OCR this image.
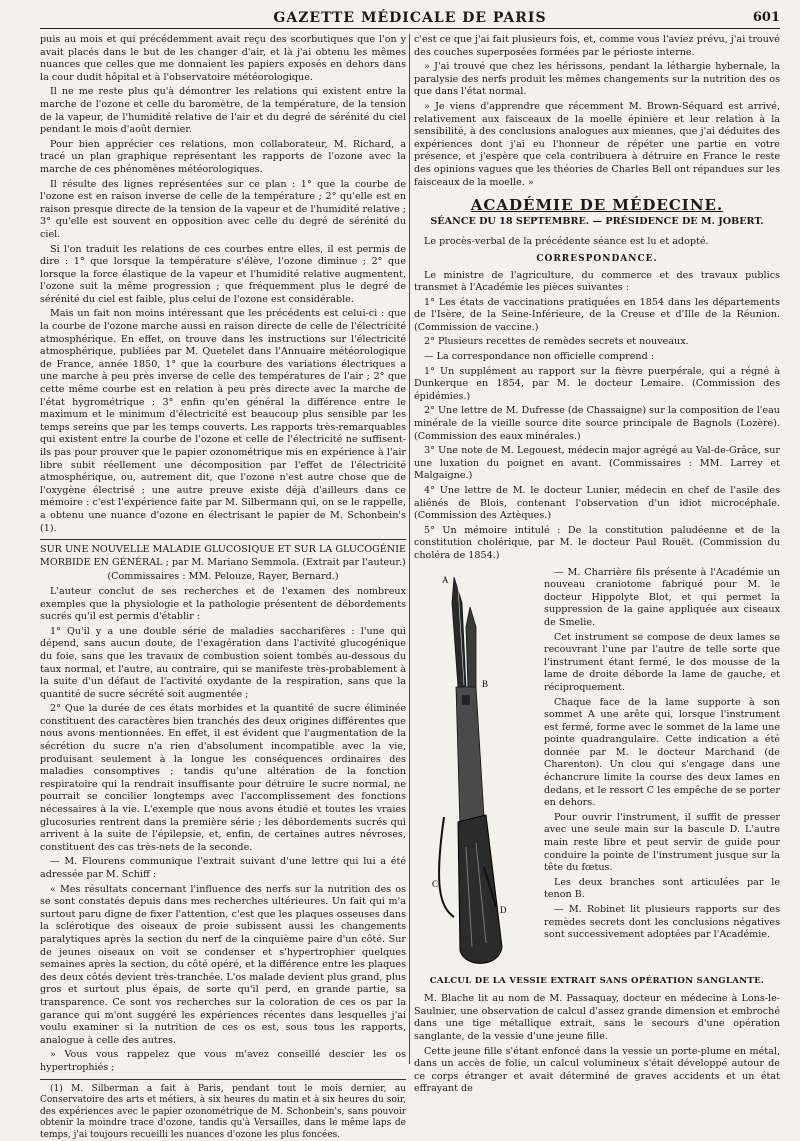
GAZETTE MÉDICALE DE PARIS	601

puis au mois et qui précédemment avait reçu des scorbutiques que l'on y avait placés dans le but de les changer d'air, et là j'ai obtenu les mêmes nuances que celles que me donnaient les papiers exposés en dehors dans la cour dudit hôpital et à l'observatoire météorologique.

Il ne me reste plus qu'à démontrer les relations qui existent entre la marche de l'ozone et celle du baromètre, de la température, de la tension de la vapeur, de l'humidité relative de l'air et du degré de sérénité du ciel pendant le mois d'août dernier.

Pour bien apprécier ces relations, mon collaborateur, M. Richard, a tracé un plan graphique représentant les rapports de l'ozone avec la marche de ces phénomènes météorologiques.

Il résulte des lignes représentées sur ce plan : 1° que la courbe de l'ozone est en raison inverse de celle de la température ; 2° qu'elle est en raison presque directe de la tension de la vapeur et de l'humidité relative ; 3° qu'elle est souvent en opposition avec celle du degré de sérénité du ciel.

Si l'on traduit les relations de ces courbes entre elles, il est permis de dire : 1° que lorsque la température s'élève, l'ozone diminue ; 2° que lorsque la force élastique de la vapeur et l'humidité relative augmentent, l'ozone suit la même progression ; que fréquemment plus le degré de sérénité du ciel est faible, plus celui de l'ozone est considérable.

Mais un fait non moins intéressant que les précédents est celui-ci : que la courbe de l'ozone marche aussi en raison directe de celle de l'électricité atmosphérique. En effet, on trouve dans les instructions sur l'électricité atmosphérique, publiées par M. Quetelet dans l'Annuaire météorologique de France, année 1850, 1° que la courbure des variations électriques a une marche à peu près inverse de celle des températures de l'air ; 2° que cette même courbe est en relation à peu près directe avec la marche de l'état hygrométrique ; 3° enfin qu'en général la différence entre le maximum et le minimum d'électricité est beaucoup plus sensible par les temps sereins que par les temps couverts. Les rapports très-remarquables qui existent entre la courbe de l'ozone et celle de l'électricité ne suffisent-ils pas pour prouver que le papier ozonométrique mis en expérience à l'air libre subit réellement une décomposition par l'effet de l'électricité atmosphérique, ou, autrement dit, que l'ozone n'est autre chose que de l'oxygène électrisé ; une autre preuve existe déjà d'ailleurs dans ce mémoire : c'est l'expérience faite par M. Silbermann qui, on se le rappelle, a obtenu une nuance d'ozone en électrisant le papier de M. Schonbein's (1).

SUR UNE NOUVELLE MALADIE GLUCOSIQUE ET SUR LA GLUCOGÉNIE MORBIDE EN GÉNÉRAL ; par M. Mariano Semmola. (Extrait par l'auteur.)

(Commissaires : MM. Pelouze, Rayer, Bernard.)

L'auteur conclut de ses recherches et de l'examen des nombreux exemples que la physiologie et la pathologie présentent de débordements sucrés qu'il est permis d'établir :

1° Qu'il y a une double série de maladies saccharifères : l'une qui dépend, sans aucun doute, de l'exagération dans l'activité glucogénique du foie, sans que les travaux de combustion soient tombés au-dessous du taux normal, et l'autre, au contraire, qui se manifeste très-probablement à la suite d'un défaut de l'activité oxydante de la respiration, sans que la quantité de sucre sécrété soit augmentée ;

2° Que la durée de ces états morbides et la quantité de sucre éliminée constituent des caractères bien tranchés des deux origines différentes que nous avons mentionnées. En effet, il est évident que l'augmentation de la sécrétion du sucre n'a rien d'absolument incompatible avec la vie, produisant seulement à la longue les conséquences ordinaires des maladies consomptives ; tandis qu'une altération de la fonction respiratoire qui la rendrait insuffisante pour détruire le sucre normal, ne pourrait se concilier longtemps avec l'accomplissement des fonctions nécessaires à la vie. L'exemple que nous avons étudié et toutes les vraies glucosuries rentrent dans la première série ; les débordements sucrés qui arrivent à la suite de l'épilepsie, et, enfin, de certaines autres névroses, constituent des cas très-nets de la seconde.

— M. Flourens communique l'extrait suivant d'une lettre qui lui a été adressée par M. Schiff :

« Mes résultats concernant l'influence des nerfs sur la nutrition des os se sont constatés depuis dans mes recherches ultérieures. Un fait qui m'a surtout paru digne de fixer l'attention, c'est que les plaques osseuses dans la sclérotique des oiseaux de proie subissent aussi les changements paralytiques après la section du nerf de la cinquième paire d'un côté. Sur de jeunes oiseaux on voit se condenser et s'hypertrophier quelques semaines après la section, du côté opéré, et la différence entre les plaques des deux côtés devient très-tranchée. L'os malade devient plus grand, plus gros et surtout plus épais, de sorte qu'il perd, en grande partie, sa transparence. Ce sont vos recherches sur la coloration de ces os par la garance qui m'ont suggéré les expériences récentes dans lesquelles j'ai voulu examiner si la nutrition de ces os est, sous tous les rapports, analogue à celle des autres.

» Vous vous rappelez que vous m'avez conseillé descier les os hypertrophiés ;

(1) M. Silberman a fait à Paris, pendant tout le mois dernier, au Conservatoire des arts et métiers, à six heures du matin et à six heures du soir, des expériences avec le papier ozonométrique de M. Schonbein's, sans pouvoir obtenir la moindre trace d'ozone, tandis qu'à Versailles, dans le même laps de temps, j'ai toujours recueilli les nuances d'ozone les plus foncées.

c'est ce que j'ai fait plusieurs fois, et, comme vous l'aviez prévu, j'ai trouvé des couches superposées formées par le périoste interne.

» J'ai trouvé que chez les hérissons, pendant la léthargie hybernale, la paralysie des nerfs produit les mêmes changements sur la nutrition des os que dans l'état normal.

» Je viens d'apprendre que récemment M. Brown-Séquard est arrivé, relativement aux faisceaux de la moelle épinière et leur relation à la sensibilité, à des conclusions analogues aux miennes, que j'ai déduites des expériences dont j'ai eu l'honneur de répéter une partie en votre présence, et j'espère que cela contribuera à détruire en France le reste des opinions vagues que les théories de Charles Bell ont répandues sur les faisceaux de la moelle. »

ACADÉMIE DE MÉDECINE.
SÉANCE DU 18 SEPTEMBRE. — PRÉSIDENCE DE M. JOBERT.

Le procès-verbal de la précédente séance est lu et adopté.

CORRESPONDANCE.

Le ministre de l'agriculture, du commerce et des travaux publics transmet à l'Académie les pièces suivantes :

1° Les états de vaccinations pratiquées en 1854 dans les départements de l'Isère, de la Seine-Inférieure, de la Creuse et d'Ille de la Réunion. (Commission de vaccine.)

2° Plusieurs recettes de remèdes secrets et nouveaux.

— La correspondance non officielle comprend :

1° Un supplément au rapport sur la fièvre puerpérale, qui a régné à Dunkerque en 1854, par M. le docteur Lemaire. (Commission des épidémies.)

2° Une lettre de M. Dufresse (de Chassaigne) sur la composition de l'eau minérale de la vieille source dite source principale de Bagnols (Lozère). (Commission des eaux minérales.)

3° Une note de M. Legouest, médecin major agrégé au Val-de-Grâce, sur une luxation du poignet en avant. (Commissaires : MM. Larrey et Malgaigne.)

4° Une lettre de M. le docteur Lunier, médecin en chef de l'asile des aliénés de Blois, contenant l'observation d'un idiot microcéphale. (Commission des Aztèques.)

5° Un mémoire intitulé : De la constitution paludéenne et de la constitution cholérique, par M. le docteur Paul Rouët. (Commission du choléra de 1854.)

A
B
C
D

— M. Charrière fils présente à l'Académie un nouveau craniotome fabriqué pour M. le docteur Hippolyte Blot, et qui permet la suppression de la gaine appliquée aux ciseaux de Smelie.

Cet instrument se compose de deux lames se recouvrant l'une par l'autre de telle sorte que l'instrument étant fermé, le dos mousse de la lame de droite déborde la lame de gauche, et réciproquement.

Chaque face de la lame supporte à son sommet A une arête qui, lorsque l'instrument est fermé, forme avec le sommet de la lame une pointe quadrangulaire. Cette indication a été donnée par M. le docteur Marchand (de Charenton). Un clou qui s'engage dans une échancrure limite la course des deux lames en dedans, et le ressort C les empêche de se porter en dehors.

Pour ouvrir l'instrument, il suffit de presser avec une seule main sur la bascule D. L'autre main reste libre et peut servir de guide pour conduire la pointe de l'instrument jusque sur la tête du fœtus.

Les deux branches sont articulées par le tenon B.

— M. Robinet lit plusieurs rapports sur des remèdes secrets dont les conclusions négatives sont successivement adoptées par l'Académie.

CALCUL DE LA VESSIE EXTRAIT SANS OPÉRATION SANGLANTE.

M. Blache lit au nom de M. Passaquay, docteur en médecine à Lons-le-Saulnier, une observation de calcul d'assez grande dimension et embroché dans une tige métallique extrait, sans le secours d'une opération sanglante, de la vessie d'une jeune fille.

Cette jeune fille s'étant enfoncé dans la vessie un porte-plume en métal, dans un accès de folie, un calcul volumineux s'était développé autour de ce corps étranger et avait déterminé de graves accidents et un état effrayant de
